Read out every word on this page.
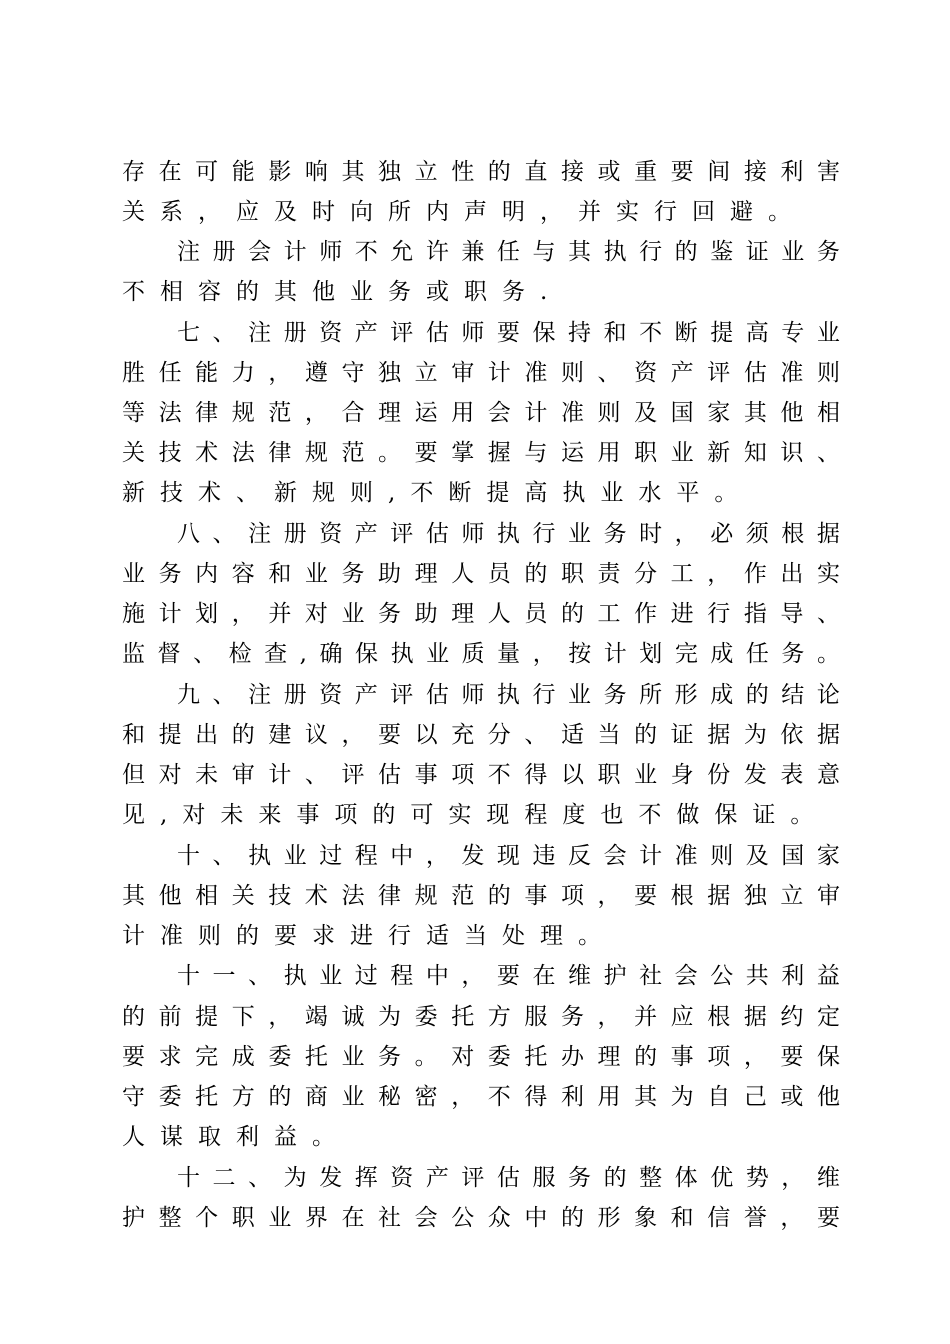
存 在 可 能 影 响 其 独 立 性 的 直 接 或 重 要 间 接 利 害
关 系 ， 应 及 时 向 所 内 声 明 ， 并 实 行 回 避 。
注 册 会 计 师 不 允 许 兼 任 与 其 执 行 的 鉴 证 业 务
不 相 容 的 其 他 业 务 或 职 务 .
七 、 注 册 资 产 评 估 师 要 保 持 和 不 断 提 高 专 业
胜 任 能 力 ， 遵 守 独 立 审 计 准 则 、 资 产 评 估 准 则
等 法 律 规 范 ， 合 理 运 用 会 计 准 则 及 国 家 其 他 相
关 技 术 法 律 规 范 。 要 掌 握 与 运 用 职 业 新 知 识 、
新 技 术 、 新 规 则 , 不 断 提 高 执 业 水 平 。
八 、 注 册 资 产 评 估 师 执 行 业 务 时 ， 必 须 根 据
业 务 内 容 和 业 务 助 理 人 员 的 职 责 分 工 ， 作 出 实
施 计 划 ， 并 对 业 务 助 理 人 员 的 工 作 进 行 指 导 、
监 督 、 检 查 , 确 保 执 业 质 量 ， 按 计 划 完 成 任 务 。
九 、 注 册 资 产 评 估 师 执 行 业 务 所 形 成 的 结 论
和 提 出 的 建 议 ， 要 以 充 分 、 适 当 的 证 据 为 依 据
但 对 未 审 计 、 评 估 事 项 不 得 以 职 业 身 份 发 表 意
见 , 对 未 来 事 项 的 可 实 现 程 度 也 不 做 保 证 。
十 、 执 业 过 程 中 ， 发 现 违 反 会 计 准 则 及 国 家
其 他 相 关 技 术 法 律 规 范 的 事 项 ， 要 根 据 独 立 审
计 准 则 的 要 求 进 行 适 当 处 理 。
十 一 、 执 业 过 程 中 ， 要 在 维 护 社 会 公 共 利 益
的 前 提 下 ， 竭 诚 为 委 托 方 服 务 ， 并 应 根 据 约 定
要 求 完 成 委 托 业 务 。 对 委 托 办 理 的 事 项 ， 要 保
守 委 托 方 的 商 业 秘 密 ， 不 得 利 用 其 为 自 己 或 他
人 谋 取 利 益 。
十 二 、 为 发 挥 资 产 评 估 服 务 的 整 体 优 势 ， 维
护 整 个 职 业 界 在 社 会 公 众 中 的 形 象 和 信 誉 ， 要
